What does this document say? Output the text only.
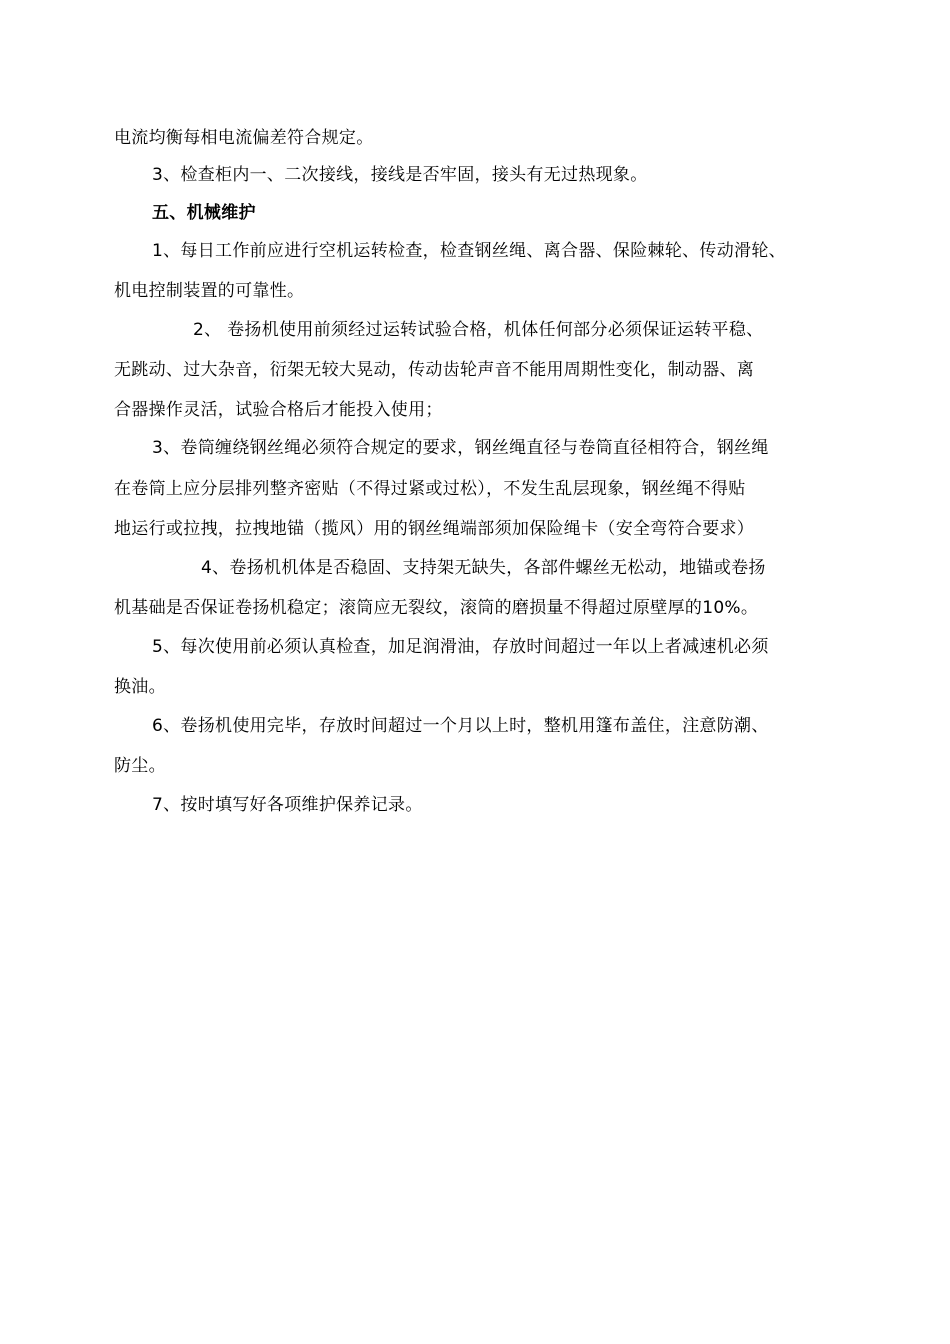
电流均衡每相电流偏差符合规定。
3、检查柜内一、二次接线，接线是否牢固，接头有无过热现象。
五、机械维护
1、每日工作前应进行空机运转检查，检查钢丝绳、离合器、保险棘轮、传动滑轮、
机电控制装置的可靠性。
2、 卷扬机使用前须经过运转试验合格，机体任何部分必须保证运转平稳、
无跳动、过大杂音，衍架无较大晃动，传动齿轮声音不能用周期性变化，制动器、离
合器操作灵活，试验合格后才能投入使用；
3、卷筒缠绕钢丝绳必须符合规定的要求，钢丝绳直径与卷筒直径相符合，钢丝绳
在卷筒上应分层排列整齐密贴（不得过紧或过松），不发生乱层现象，钢丝绳不得贴
地运行或拉拽，拉拽地锚（揽风）用的钢丝绳端部须加保险绳卡（安全弯符合要求）
4、卷扬机机体是否稳固、支持架无缺失，各部件螺丝无松动，地锚或卷扬
机基础是否保证卷扬机稳定；滚筒应无裂纹，滚筒的磨损量不得超过原壁厚的10%。
5、每次使用前必须认真检查，加足润滑油，存放时间超过一年以上者减速机必须
换油。
6、卷扬机使用完毕，存放时间超过一个月以上时，整机用篷布盖住，注意防潮、
防尘。
7、按时填写好各项维护保养记录。
